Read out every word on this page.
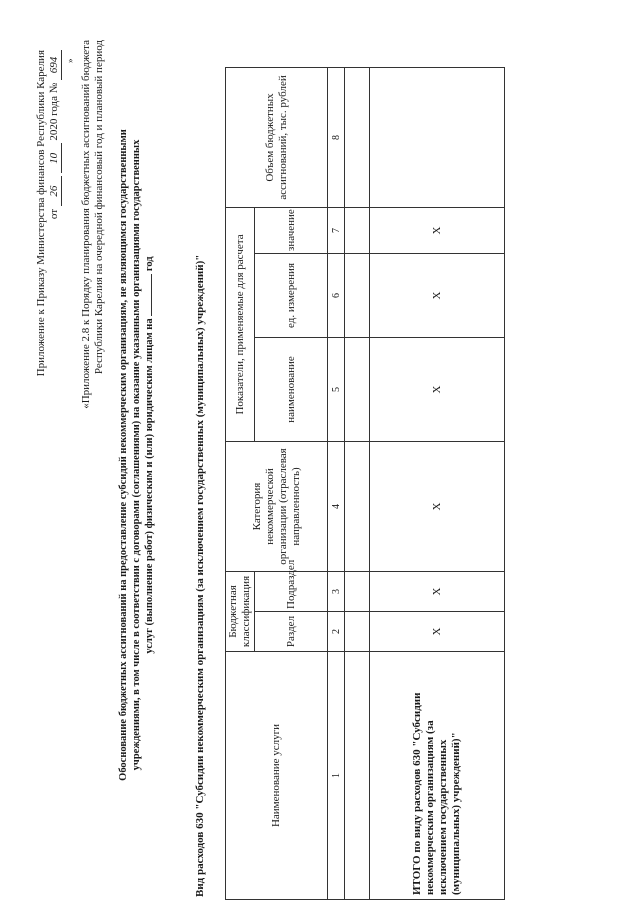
Приложение к Приказу Министерства финансов Республики Карелия от 26 10 2020 года № 694 «Приложение 2.8 к Порядку планирования бюджетных ассигнований бюджета Республики Карелия на очередной финансовый год и плановый период Обоснование бюджетных ассигнований на предоставление субсидий некоммерческим организациям, не являющимся государственными учреждениями, в том числе в соответствии с договорами (соглашениями) на оказание указанными организациями государственных услуг (выполнение работ) физическим и (или) юридическим лицам на  год	Вид расходов 630 "Субсидии некоммерческим организациям (за исключением государственных (муниципальных) учреждений)"	Наименование услуги	Бюджетная классификация		Категория некоммерческой организации (отраслевая направленность)	Показатели, применяемые для расчета			Объем бюджетных ассигнований, тыс. рублей
	Раздел	Подраздел		наименование	ед. измерения	значение	
1	2	3	4	5	6	7	8

ИТОГО по виду расходов 630 "Субсидии некоммерческим организациям (за исключением государственных (муниципальных) учреждений)"	Х	Х	Х	Х	Х	Х	
»
